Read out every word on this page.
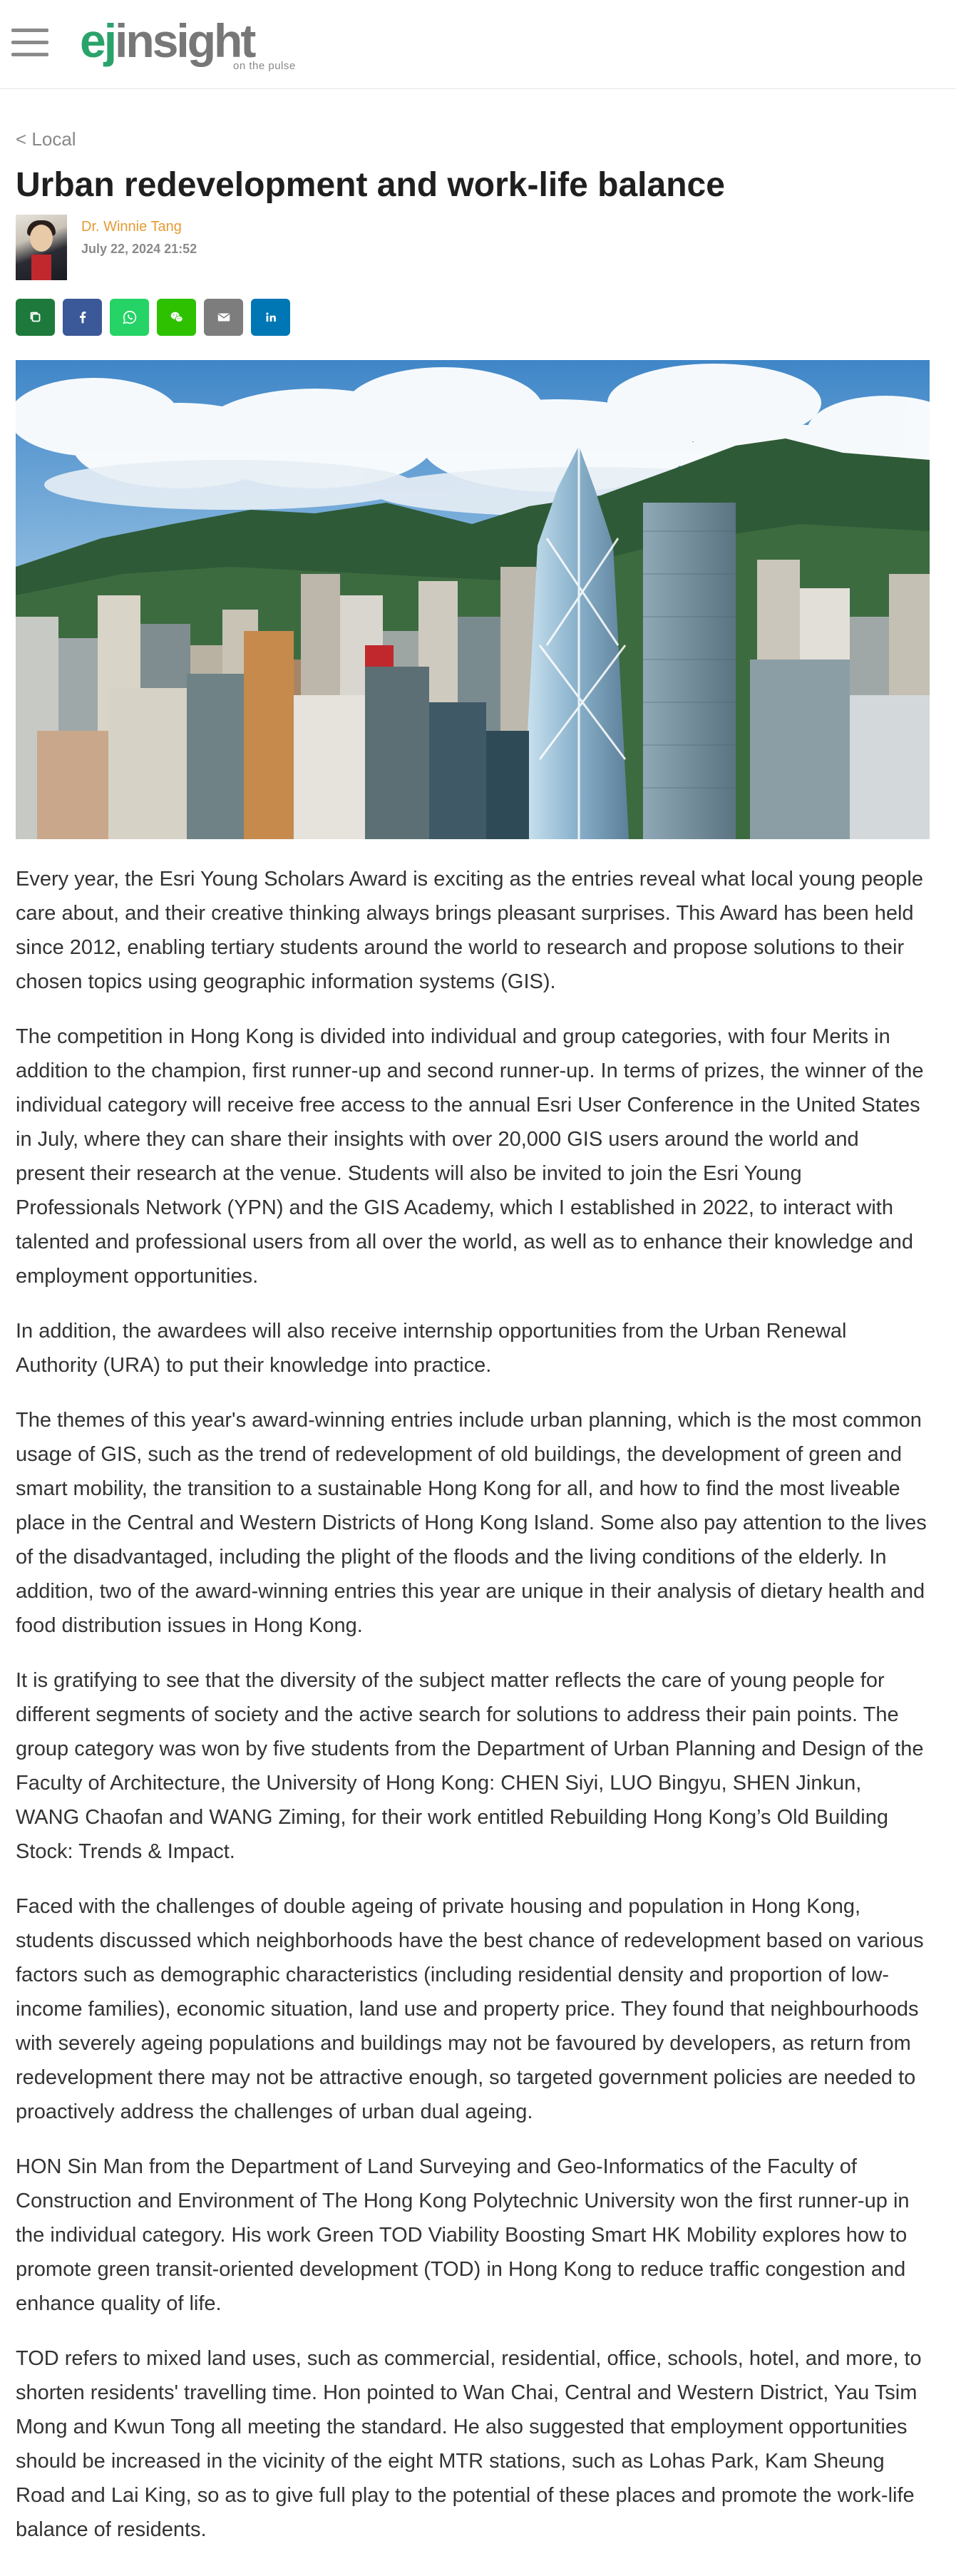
ejinsight
on the pulse
< Local
Urban redevelopment and work-life balance
Dr. Winnie Tang
July 22, 2024 21:52

Every year, the Esri Young Scholars Award is exciting as the entries reveal what local young people care about, and their creative thinking always brings pleasant surprises. This Award has been held since 2012, enabling tertiary students around the world to research and propose solutions to their chosen topics using geographic information systems (GIS).

The competition in Hong Kong is divided into individual and group categories, with four Merits in addition to the champion, first runner-up and second runner-up. In terms of prizes, the winner of the individual category will receive free access to the annual Esri User Conference in the United States in July, where they can share their insights with over 20,000 GIS users around the world and present their research at the venue. Students will also be invited to join the Esri Young Professionals Network (YPN) and the GIS Academy, which I established in 2022, to interact with talented and professional users from all over the world, as well as to enhance their knowledge and employment opportunities.

In addition, the awardees will also receive internship opportunities from the Urban Renewal Authority (URA) to put their knowledge into practice.

The themes of this year's award-winning entries include urban planning, which is the most common usage of GIS, such as the trend of redevelopment of old buildings, the development of green and smart mobility, the transition to a sustainable Hong Kong for all, and how to find the most liveable place in the Central and Western Districts of Hong Kong Island. Some also pay attention to the lives of the disadvantaged, including the plight of the floods and the living conditions of the elderly. In addition, two of the award-winning entries this year are unique in their analysis of dietary health and food distribution issues in Hong Kong.

It is gratifying to see that the diversity of the subject matter reflects the care of young people for different segments of society and the active search for solutions to address their pain points. The group category was won by five students from the Department of Urban Planning and Design of the Faculty of Architecture, the University of Hong Kong: CHEN Siyi, LUO Bingyu, SHEN Jinkun, WANG Chaofan and WANG Ziming, for their work entitled Rebuilding Hong Kong’s Old Building Stock: Trends & Impact.

Faced with the challenges of double ageing of private housing and population in Hong Kong, students discussed which neighborhoods have the best chance of redevelopment based on various factors such as demographic characteristics (including residential density and proportion of low-income families), economic situation, land use and property price. They found that neighbourhoods with severely ageing populations and buildings may not be favoured by developers, as return from redevelopment there may not be attractive enough, so targeted government policies are needed to proactively address the challenges of urban dual ageing.

HON Sin Man from the Department of Land Surveying and Geo-Informatics of the Faculty of Construction and Environment of The Hong Kong Polytechnic University won the first runner-up in the individual category. His work Green TOD Viability Boosting Smart HK Mobility explores how to promote green transit-oriented development (TOD) in Hong Kong to reduce traffic congestion and enhance quality of life.

TOD refers to mixed land uses, such as commercial, residential, office, schools, hotel, and more, to shorten residents' travelling time. Hon pointed to Wan Chai, Central and Western District, Yau Tsim Mong and Kwun Tong all meeting the standard. He also suggested that employment opportunities should be increased in the vicinity of the eight MTR stations, such as Lohas Park, Kam Sheung Road and Lai King, so as to give full play to the potential of these places and promote the work-life balance of residents.
